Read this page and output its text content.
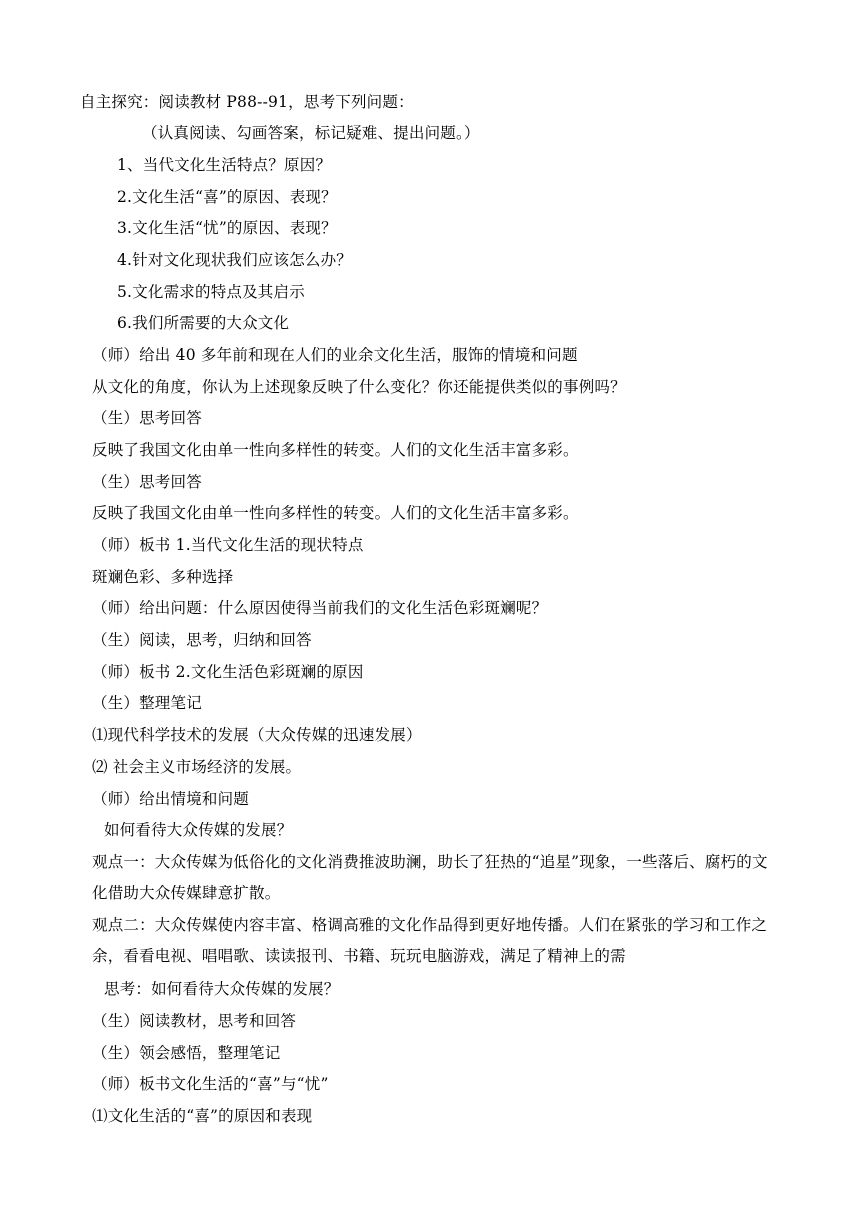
自主探究：阅读教材 P88--91，思考下列问题：
（认真阅读、勾画答案，标记疑难、提出问题。）
1、当代文化生活特点？原因？
2.文化生活“喜”的原因、表现？
3.文化生活“忧”的原因、表现？
4.针对文化现状我们应该怎么办？
5.文化需求的特点及其启示
6.我们所需要的大众文化
（师）给出 40 多年前和现在人们的业余文化生活，服饰的情境和问题
从文化的角度，你认为上述现象反映了什么变化？你还能提供类似的事例吗？
（生）思考回答
反映了我国文化由单一性向多样性的转变。人们的文化生活丰富多彩。
（生）思考回答
反映了我国文化由单一性向多样性的转变。人们的文化生活丰富多彩。
（师）板书 1.当代文化生活的现状特点
斑斓色彩、多种选择
（师）给出问题：什么原因使得当前我们的文化生活色彩斑斓呢？
（生）阅读，思考，归纳和回答
（师）板书 2.文化生活色彩斑斓的原因
（生）整理笔记
⑴现代科学技术的发展（大众传媒的迅速发展）
⑵ 社会主义市场经济的发展。
（师）给出情境和问题
如何看待大众传媒的发展？
观点一：大众传媒为低俗化的文化消费推波助澜，助长了狂热的“追星”现象，一些落后、腐朽的文化借助大众传媒肆意扩散。
观点二：大众传媒使内容丰富、格调高雅的文化作品得到更好地传播。人们在紧张的学习和工作之余，看看电视、唱唱歌、读读报刊、书籍、玩玩电脑游戏，满足了精神上的需
思考：如何看待大众传媒的发展？
（生）阅读教材，思考和回答
（生）领会感悟，整理笔记
（师）板书文化生活的“喜”与“忧”
⑴文化生活的“喜”的原因和表现
